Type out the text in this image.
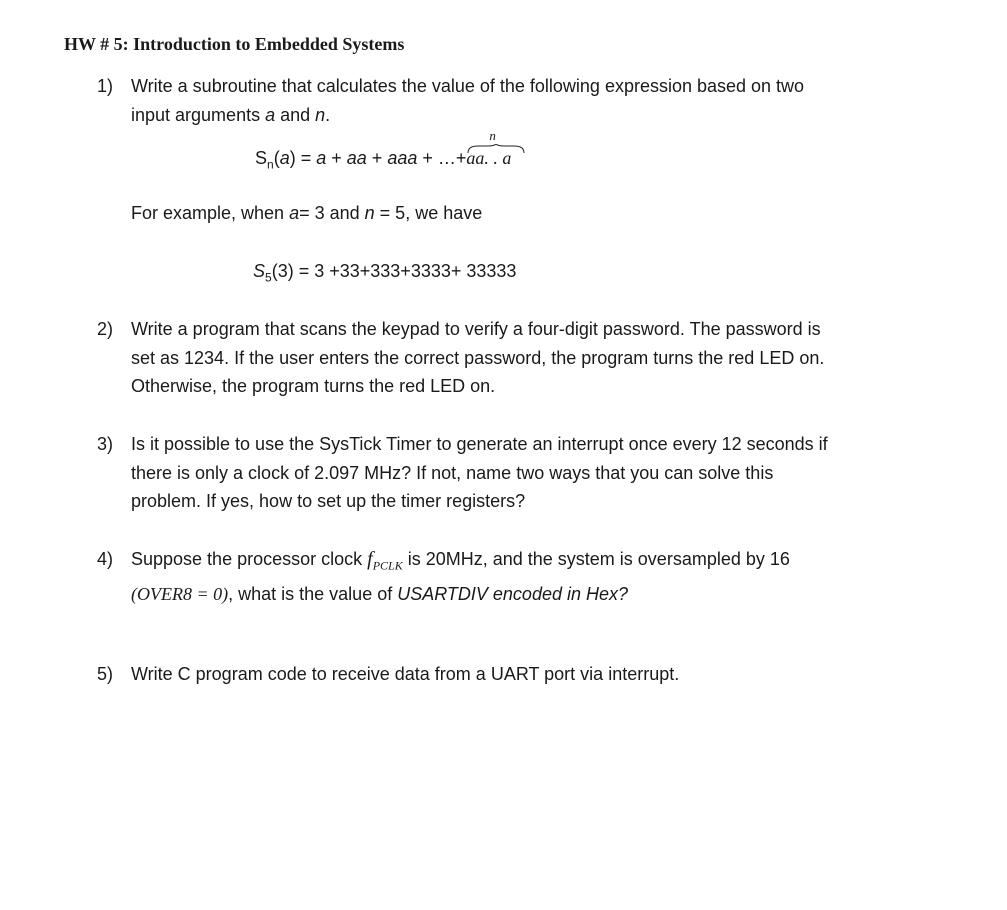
HW # 5: Introduction to Embedded Systems
1) Write a subroutine that calculates the value of the following expression based on two
input arguments a and n.
$S_n(a) = a$ + aa + aaa + …+
n
aa. . a
For example, when a= 3 and n = 5, we have
$S_5(3) = 3 +33+333+3333+ 33333$
2) Write a program that scans the keypad to verify a four-digit password. The password is
set as 1234. If the user enters the correct password, the program turns the red LED on.
Otherwise, the program turns the red LED on.
3) Is it possible to use the SysTick Timer to generate an interrupt once every 12 seconds if
there is only a clock of 2.097 MHz? If not, name two ways that you can solve this
problem. If yes, how to set up the timer registers?
4) Suppose the processor clock $f_{PCLK}$ is 20MHz, and the system is oversampled by 16
(OVER8 = 0), what is the value of USARTDIV encoded in Hex?
5) Write C program code to receive data from a UART port via interrupt.
